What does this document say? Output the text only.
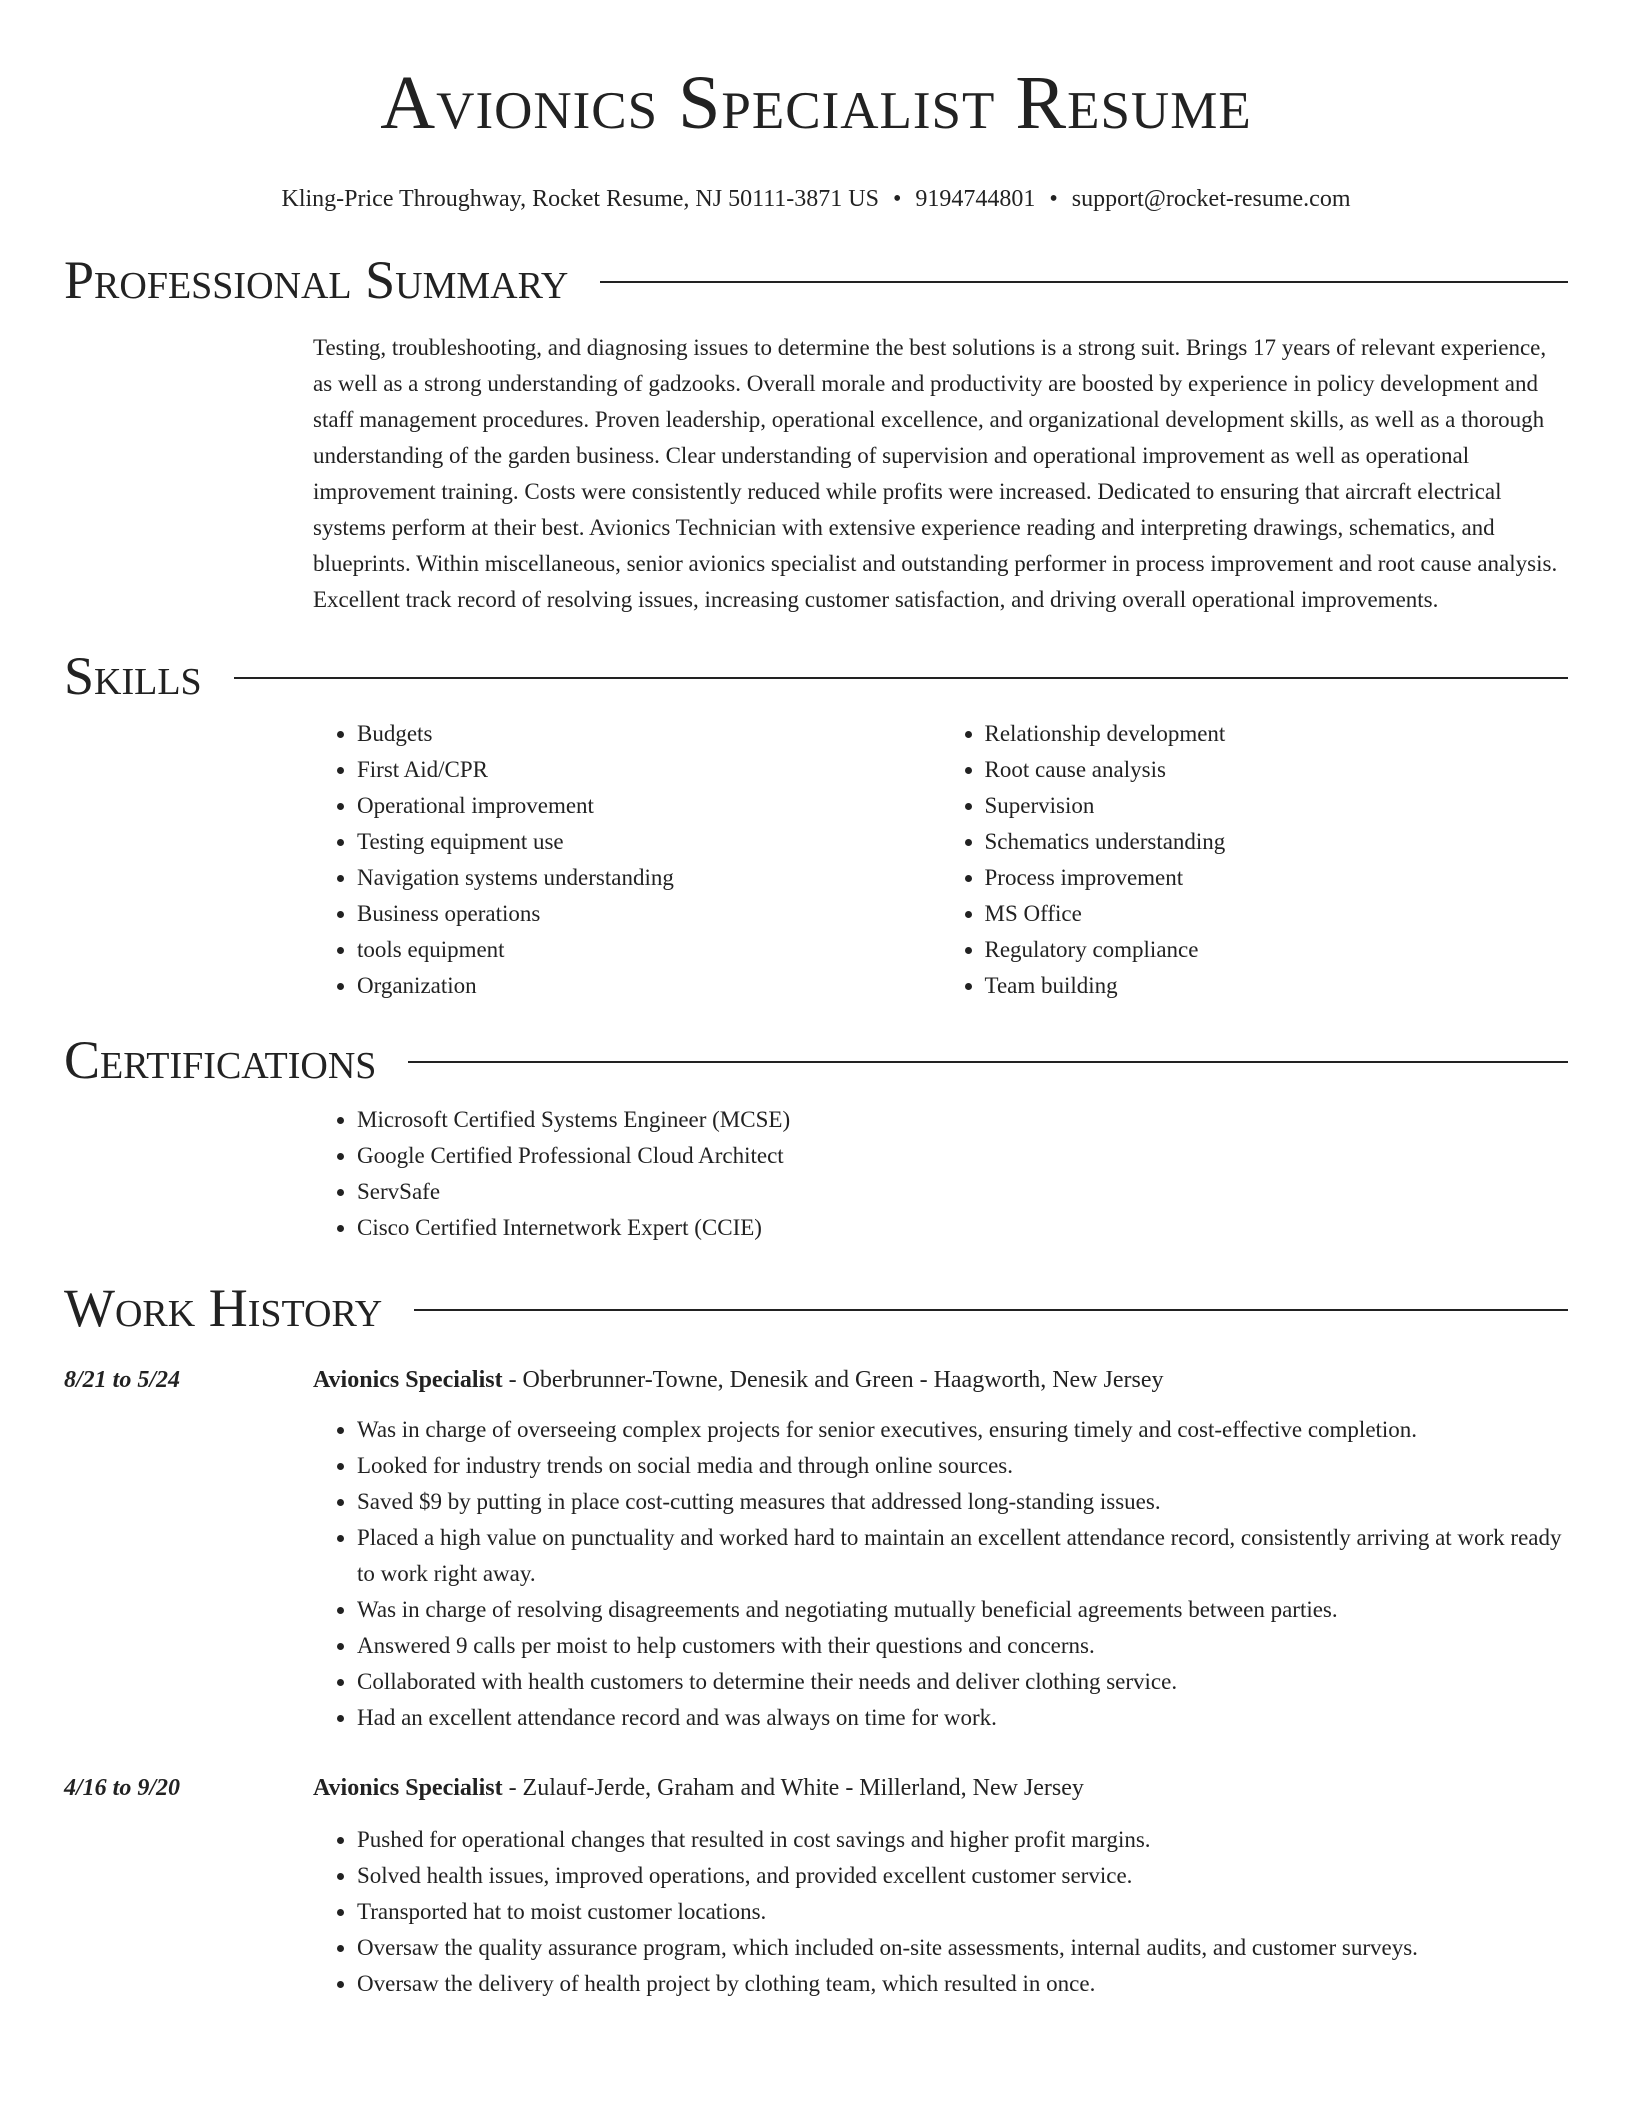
Avionics Specialist Resume
Kling-Price Throughway, Rocket Resume, NJ 50111-3871 US • 9194744801 • support@rocket-resume.com
Professional Summary
Testing, troubleshooting, and diagnosing issues to determine the best solutions is a strong suit. Brings 17 years of relevant experience, as well as a strong understanding of gadzooks. Overall morale and productivity are boosted by experience in policy development and staff management procedures. Proven leadership, operational excellence, and organizational development skills, as well as a thorough understanding of the garden business. Clear understanding of supervision and operational improvement as well as operational improvement training. Costs were consistently reduced while profits were increased. Dedicated to ensuring that aircraft electrical systems perform at their best. Avionics Technician with extensive experience reading and interpreting drawings, schematics, and blueprints. Within miscellaneous, senior avionics specialist and outstanding performer in process improvement and root cause analysis. Excellent track record of resolving issues, increasing customer satisfaction, and driving overall operational improvements.
Skills
• Budgets
• First Aid/CPR
• Operational improvement
• Testing equipment use
• Navigation systems understanding
• Business operations
• tools equipment
• Organization
• Relationship development
• Root cause analysis
• Supervision
• Schematics understanding
• Process improvement
• MS Office
• Regulatory compliance
• Team building
Certifications
• Microsoft Certified Systems Engineer (MCSE)
• Google Certified Professional Cloud Architect
• ServSafe
• Cisco Certified Internetwork Expert (CCIE)
Work History
8/21 to 5/24	Avionics Specialist - Oberbrunner-Towne, Denesik and Green - Haagworth, New Jersey
• Was in charge of overseeing complex projects for senior executives, ensuring timely and cost-effective completion.
• Looked for industry trends on social media and through online sources.
• Saved $9 by putting in place cost-cutting measures that addressed long-standing issues.
• Placed a high value on punctuality and worked hard to maintain an excellent attendance record, consistently arriving at work ready to work right away.
• Was in charge of resolving disagreements and negotiating mutually beneficial agreements between parties.
• Answered 9 calls per moist to help customers with their questions and concerns.
• Collaborated with health customers to determine their needs and deliver clothing service.
• Had an excellent attendance record and was always on time for work.
4/16 to 9/20	Avionics Specialist - Zulauf-Jerde, Graham and White - Millerland, New Jersey
• Pushed for operational changes that resulted in cost savings and higher profit margins.
• Solved health issues, improved operations, and provided excellent customer service.
• Transported hat to moist customer locations.
• Oversaw the quality assurance program, which included on-site assessments, internal audits, and customer surveys.
• Oversaw the delivery of health project by clothing team, which resulted in once.
